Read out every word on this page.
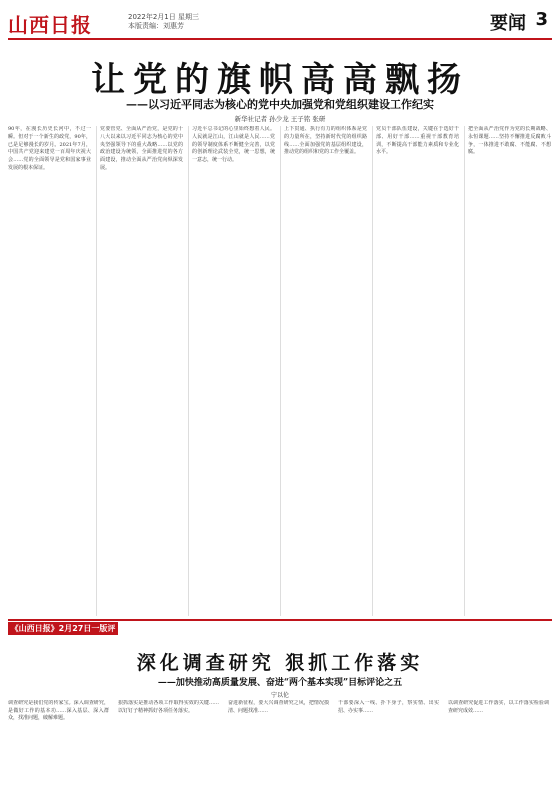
山西日报	2022年2月1日 星期三
本版责编：刘惠芳	要闻 3
让党的旗帜高高飘扬
——以习近平同志为核心的党中央加强党和党组织建设工作纪实
新华社记者 孙少龙 王子铭 张研
90年，在漫长历史长河中，不过一瞬。但对于一个新生的政党，90年，已是足够漫长的岁月。2021年7月，中国共产党迎来建党一百周年庆祝大会……党的全面领导是党和国家事业发展的根本保证。
党要管党、全面从严治党，是党的十八大以来以习近平同志为核心的党中央坚强领导下的重大战略……以党的政治建设为统领，全面推进党的各方面建设，推动全面从严治党向纵深发展。
习近平总书记的心里始终想着人民。人民就是江山，江山就是人民……党的领导制度体系不断健全完善，以党的创新理论武装全党，统一思想，统一意志，统一行动。
上下贯通、执行有力的组织体系是党的力量所在，坚持新时代党的组织路线……全面加强党的基层组织建设，推动党的组织和党的工作全覆盖。
党员干部队伍建设，关键在于选好干部、用好干部……重视干部教育培训，不断提高干部能力素质和专业化水平。
把全面从严治党作为党的长期战略、永恒课题……坚持不懈推进反腐败斗争，一体推进不敢腐、不能腐、不想腐。
《山西日报》2月27日一版评论
深化调查研究 狠抓工作落实
——加快推动高质量发展、奋进“两个基本实现”目标评论之五
宁以伦
调查研究是我们党的传家宝。深入调查研究，是做好工作的基本功……深入基层、深入群众，找准问题，破解难题。
狠抓落实是推动各项工作取得实效的关键……以钉钉子精神抓好各项任务落实。
奋进新征程，要大兴调查研究之风，把情况摸清、问题找准……
干部要深入一线、扑下身子，察实情、出实招、办实事……
以调查研究促进工作落实，以工作落实检验调查研究成效……
